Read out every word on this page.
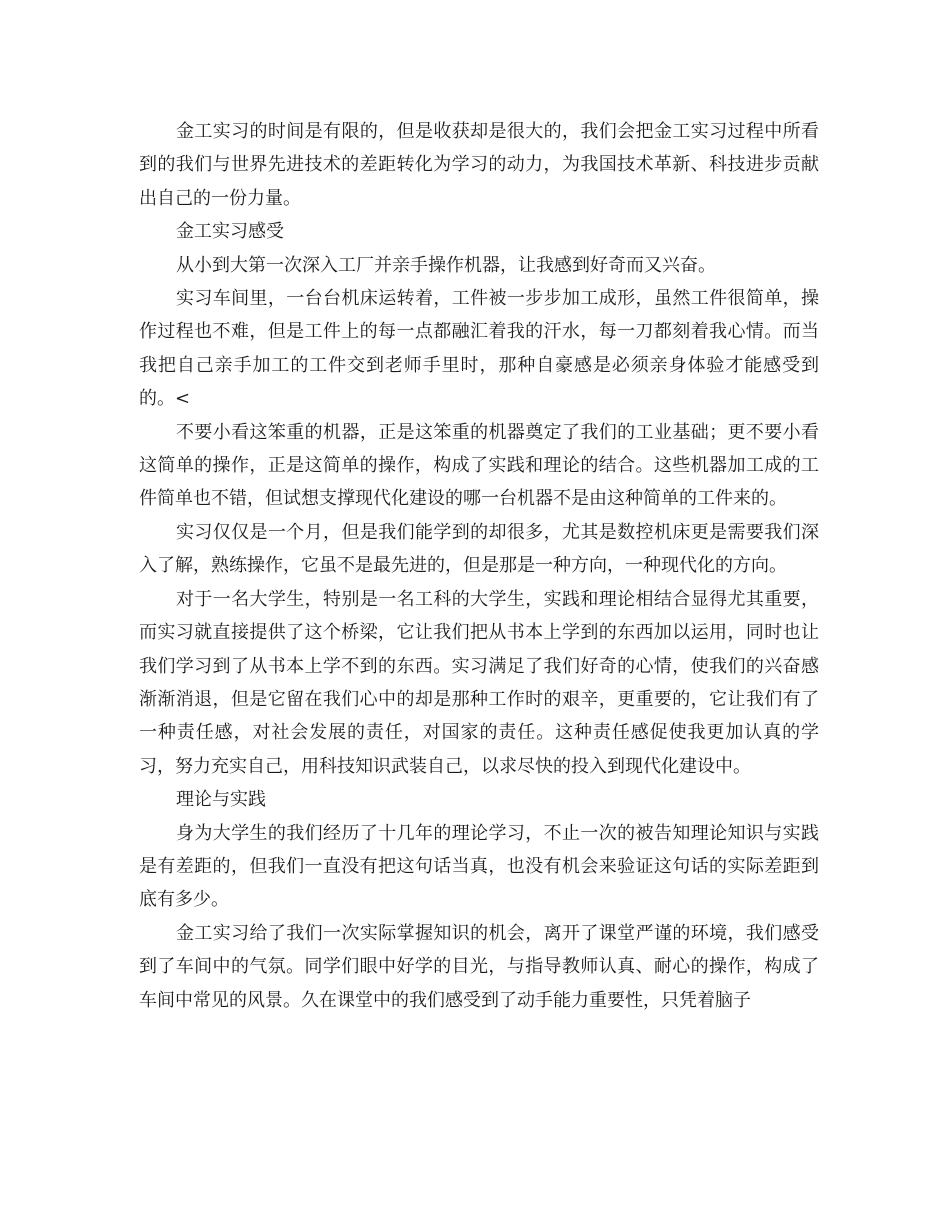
金工实习的时间是有限的，但是收获却是很大的，我们会把金工实习过程中所看到的我们与世界先进技术的差距转化为学习的动力，为我国技术革新、科技进步贡献出自己的一份力量。

金工实习感受

从小到大第一次深入工厂并亲手操作机器，让我感到好奇而又兴奋。

实习车间里，一台台机床运转着，工件被一步步加工成形，虽然工件很简单，操作过程也不难，但是工件上的每一点都融汇着我的汗水，每一刀都刻着我心情。而当我把自己亲手加工的工件交到老师手里时，那种自豪感是必须亲身体验才能感受到的。<

不要小看这笨重的机器，正是这笨重的机器奠定了我们的工业基础；更不要小看这简单的操作，正是这简单的操作，构成了实践和理论的结合。这些机器加工成的工件简单也不错，但试想支撑现代化建设的哪一台机器不是由这种简单的工件来的。

实习仅仅是一个月，但是我们能学到的却很多，尤其是数控机床更是需要我们深入了解，熟练操作，它虽不是最先进的，但是那是一种方向，一种现代化的方向。

对于一名大学生，特别是一名工科的大学生，实践和理论相结合显得尤其重要，而实习就直接提供了这个桥梁，它让我们把从书本上学到的东西加以运用，同时也让我们学习到了从书本上学不到的东西。实习满足了我们好奇的心情，使我们的兴奋感渐渐消退，但是它留在我们心中的却是那种工作时的艰辛，更重要的，它让我们有了一种责任感，对社会发展的责任，对国家的责任。这种责任感促使我更加认真的学习，努力充实自己，用科技知识武装自己，以求尽快的投入到现代化建设中。

理论与实践

身为大学生的我们经历了十几年的理论学习，不止一次的被告知理论知识与实践是有差距的，但我们一直没有把这句话当真，也没有机会来验证这句话的实际差距到底有多少。

金工实习给了我们一次实际掌握知识的机会，离开了课堂严谨的环境，我们感受到了车间中的气氛。同学们眼中好学的目光，与指导教师认真、耐心的操作，构成了车间中常见的风景。久在课堂中的我们感受到了动手能力重要性，只凭着脑子
